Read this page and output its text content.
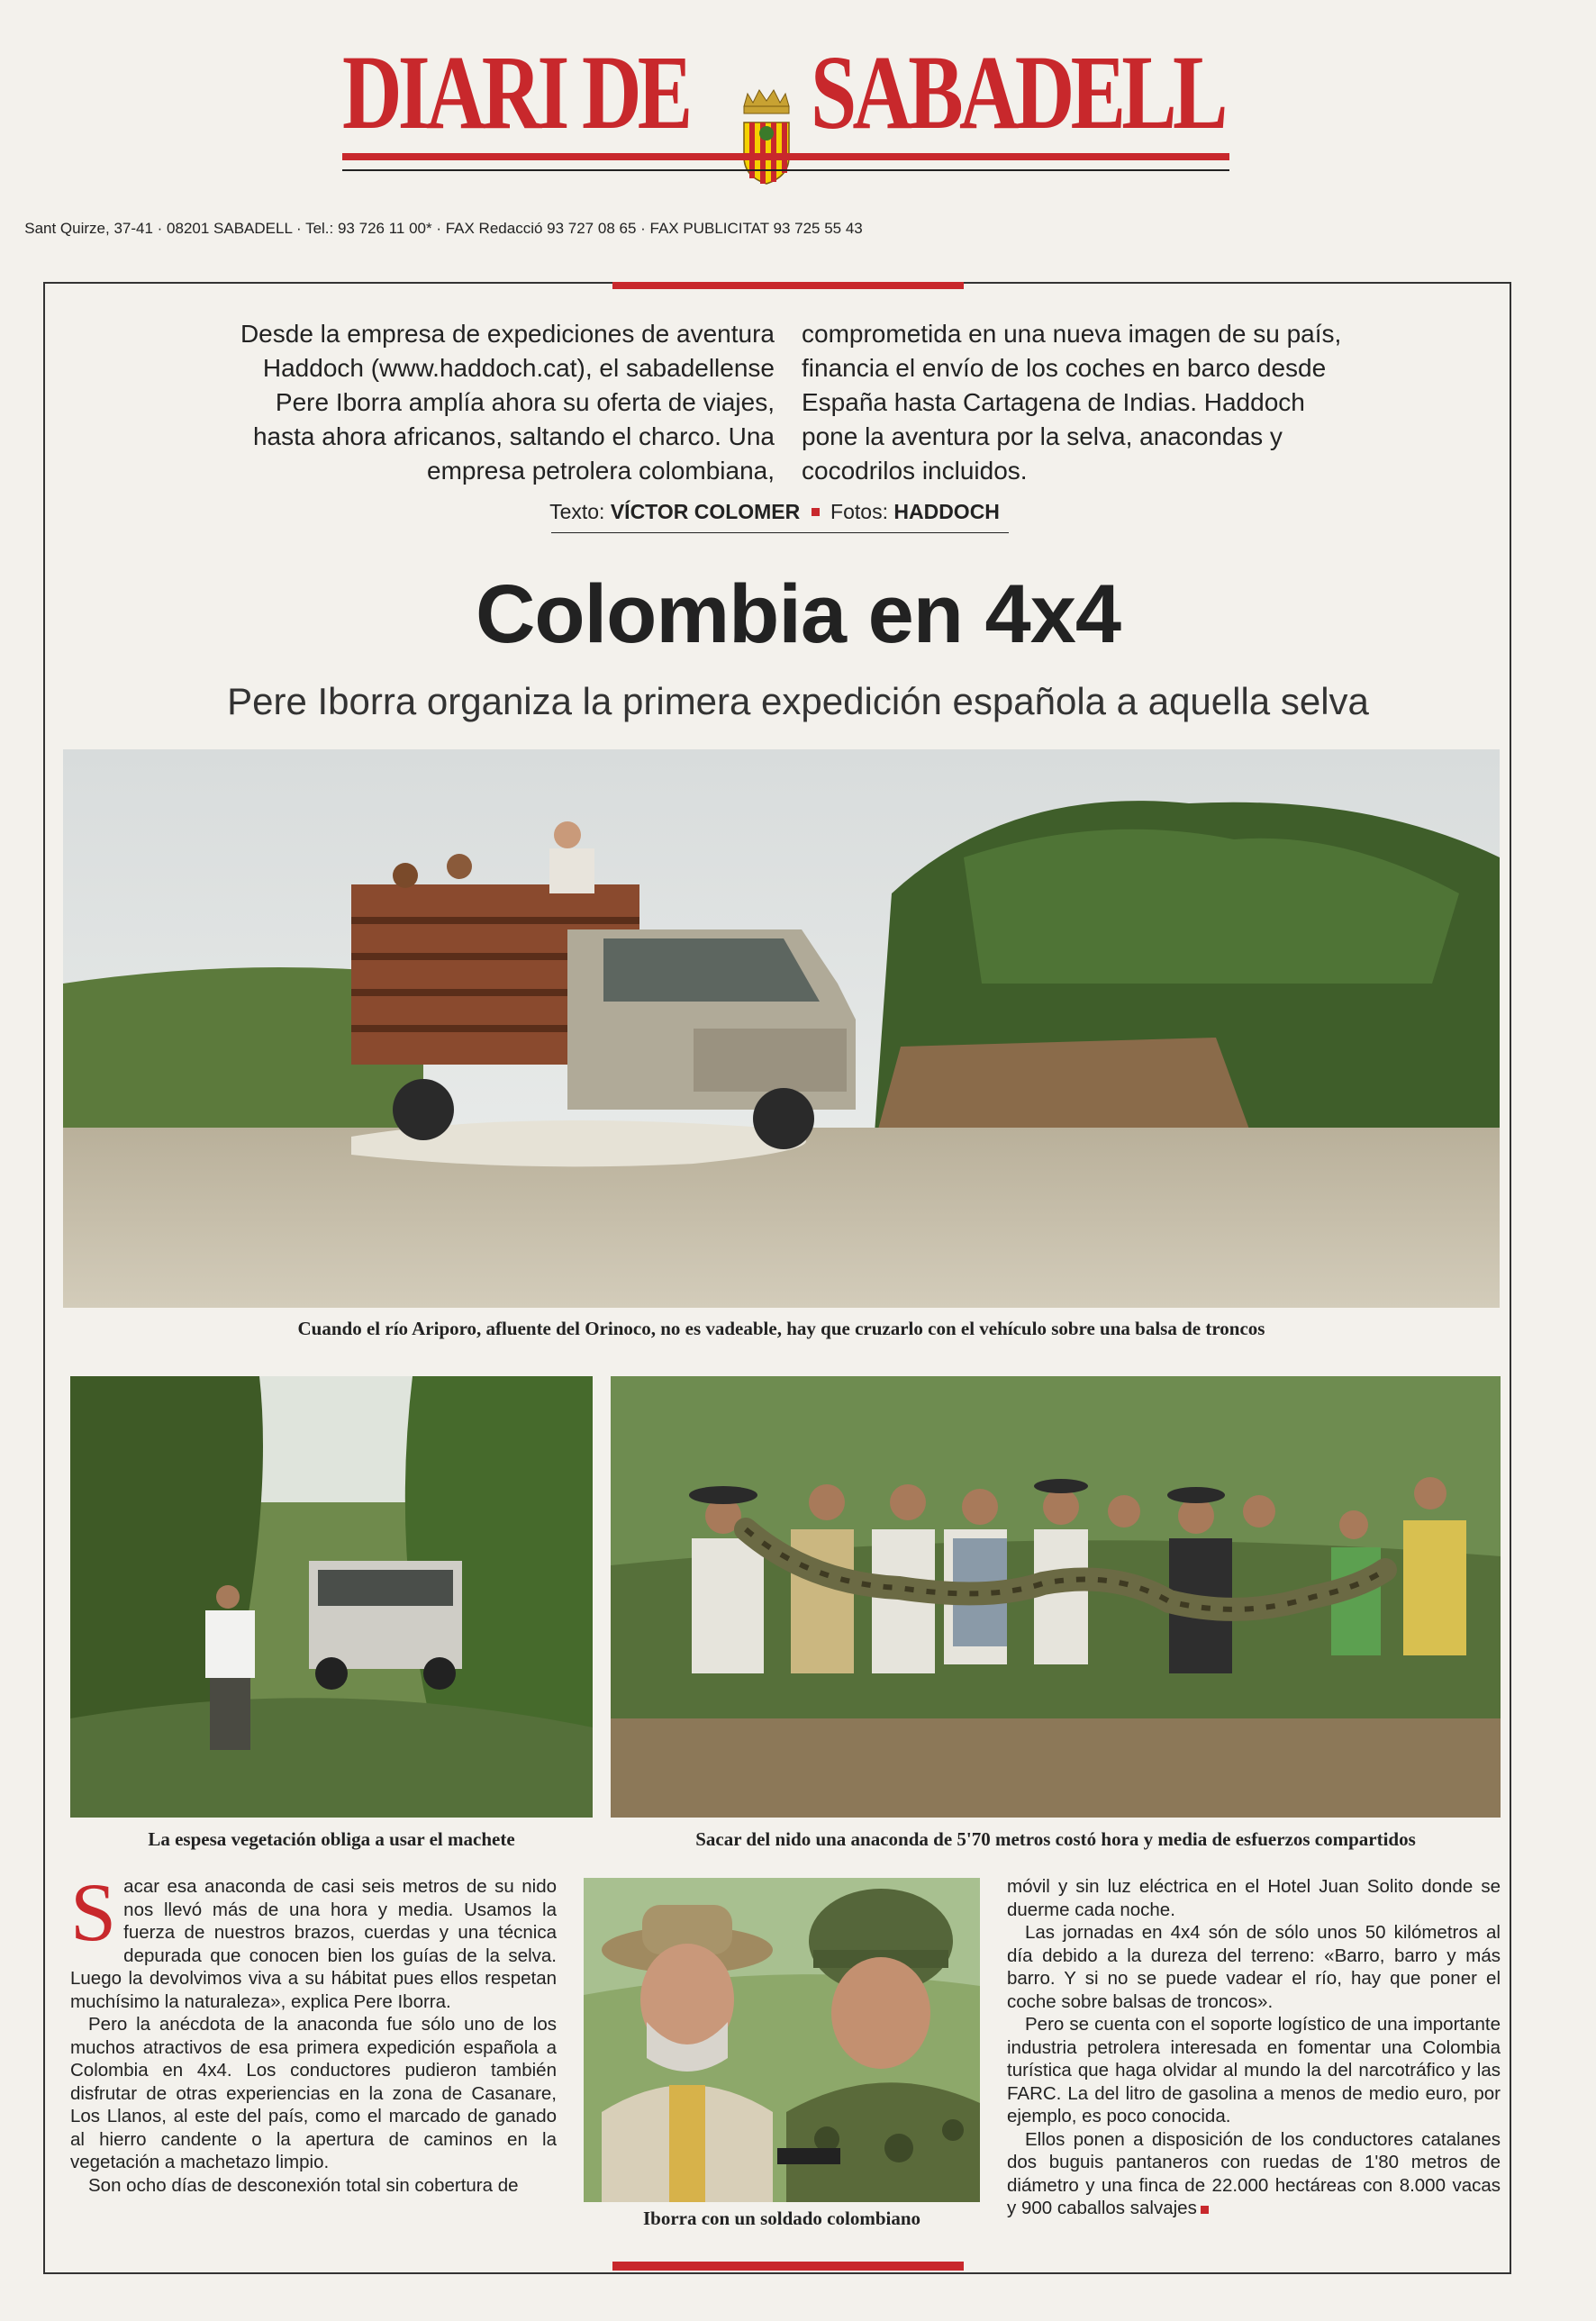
DIARI DE SABADELL
Sant Quirze, 37-41 · 08201 SABADELL · Tel.: 93 726 11 00* · FAX Redacció 93 727 08 65 · FAX PUBLICITAT 93 725 55 43
Desde la empresa de expediciones de aventura Haddoch (www.haddoch.cat), el sabadellense Pere Iborra amplía ahora su oferta de viajes, hasta ahora africanos, saltando el charco. Una empresa petrolera colombiana,
comprometida en una nueva imagen de su país, financia el envío de los coches en barco desde España hasta Cartagena de Indias. Haddoch pone la aventura por la selva, anacondas y cocodrilos incluidos.
Texto: VÍCTOR COLOMER Fotos: HADDOCH
Colombia en 4x4
Pere Iborra organiza la primera expedición española a aquella selva
Cuando el río Ariporo, afluente del Orinoco, no es vadeable, hay que cruzarlo con el vehículo sobre una balsa de troncos
La espesa vegetación obliga a usar el machete	Sacar del nido una anaconda de 5'70 metros costó hora y media de esfuerzos compartidos
Iborra con un soldado colombiano

Sacar esa anaconda de casi seis metros de su nido nos llevó más de una hora y media. Usamos la fuerza de nuestros brazos, cuerdas y una técnica depurada que conocen bien los guías de la selva. Luego la devolvimos viva a su hábitat pues ellos respetan muchísimo la naturaleza», explica Pere Iborra.

Pero la anécdota de la anaconda fue sólo uno de los muchos atractivos de esa primera expedición española a Colombia en 4x4. Los conductores pudieron también disfrutar de otras experiencias en la zona de Casanare, Los Llanos, al este del país, como el marcado de ganado al hierro candente o la apertura de caminos en la vegetación a machetazo limpio.

Son ocho días de desconexión total sin cobertura de

móvil y sin luz eléctrica en el Hotel Juan Solito donde se duerme cada noche.

Las jornadas en 4x4 són de sólo unos 50 kilómetros al día debido a la dureza del terreno: «Barro, barro y más barro. Y si no se puede vadear el río, hay que poner el coche sobre balsas de troncos».

Pero se cuenta con el soporte logístico de una importante industria petrolera interesada en fomentar una Colombia turística que haga olvidar al mundo la del narcotráfico y las FARC. La del litro de gasolina a menos de medio euro, por ejemplo, es poco conocida.

Ellos ponen a disposición de los conductores catalanes dos buguis pantaneros con ruedas de 1'80 metros de diámetro y una finca de 22.000 hectáreas con 8.000 vacas y 900 caballos salvajes
